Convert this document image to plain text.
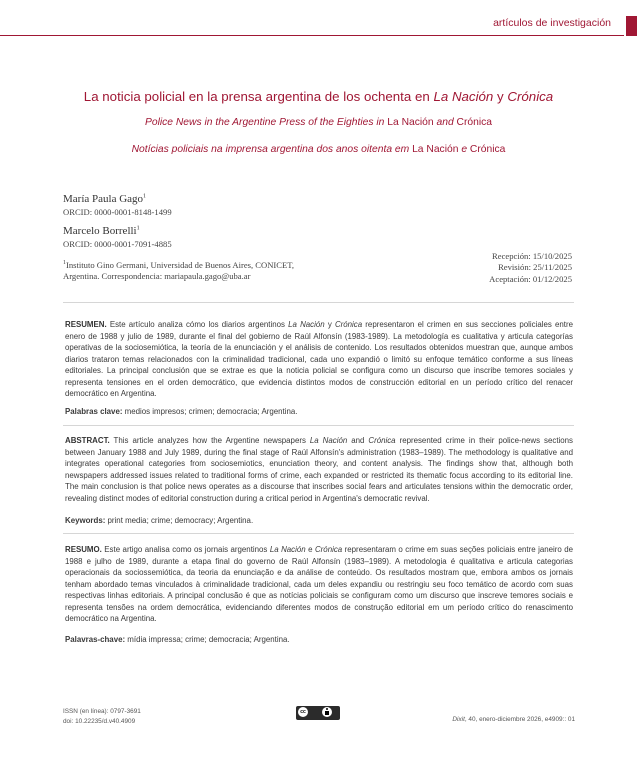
artículos de investigación
La noticia policial en la prensa argentina de los ochenta en La Nación y Crónica
Police News in the Argentine Press of the Eighties in La Nación and Crónica
Notícias policiais na imprensa argentina dos anos oitenta em La Nación e Crónica
María Paula Gago$^1$
ORCID: 0000-0001-8148-1499
Marcelo Borrelli$^1$
ORCID: 0000-0001-7091-4885
$^1$Instituto Gino Germani, Universidad de Buenos Aires, CONICET,
Argentina. Correspondencia: mariapaula.gago@uba.ar
Recepción: 15/10/2025
Revisión: 25/11/2025
Aceptación: 01/12/2025
RESUMEN. Este artículo analiza cómo los diarios argentinos La Nación y Crónica representaron el crimen en sus secciones policiales entre enero de 1988 y julio de 1989, durante el final del gobierno de Raúl Alfonsín (1983-1989). La metodología es cualitativa y articula categorías operativas de la sociosemiótica, la teoría de la enunciación y el análisis de contenido. Los resultados obtenidos muestran que, aunque ambos diarios trataron temas relacionados con la criminalidad tradicional, cada uno expandió o limitó su enfoque temático conforme a sus líneas editoriales. La principal conclusión que se extrae es que la noticia policial se configura como un discurso que inscribe temores sociales y representa tensiones en el orden democrático, que evidencia distintos modos de construcción editorial en un período crítico del renacer democrático en Argentina.
Palabras clave: medios impresos; crimen; democracia; Argentina.
ABSTRACT. This article analyzes how the Argentine newspapers La Nación and Crónica represented crime in their police-news sections between January 1988 and July 1989, during the final stage of Raúl Alfonsín's administration (1983–1989). The methodology is qualitative and integrates operational categories from sociosemiotics, enunciation theory, and content analysis. The findings show that, although both newspapers addressed issues related to traditional forms of crime, each expanded or restricted its thematic focus according to its editorial line. The main conclusion is that police news operates as a discourse that inscribes social fears and articulates tensions within the democratic order, revealing distinct modes of editorial construction during a critical period in Argentina's democratic revival.
Keywords: print media; crime; democracy; Argentina.
RESUMO. Este artigo analisa como os jornais argentinos La Nación e Crónica representaram o crime em suas seções policiais entre janeiro de 1988 e julho de 1989, durante a etapa final do governo de Raúl Alfonsín (1983–1989). A metodologia é qualitativa e articula categorias operacionais da sociossemiótica, da teoria da enunciação e da análise de conteúdo. Os resultados mostram que, embora ambos os jornais tenham abordado temas vinculados à criminalidade tradicional, cada um deles expandiu ou restringiu seu foco temático de acordo com suas respectivas linhas editoriais. A principal conclusão é que as notícias policiais se configuram como um discurso que inscreve temores sociais e representa tensões na ordem democrática, evidenciando diferentes modos de construção editorial em um período crítico do renascimento democrático na Argentina.
Palavras-chave: mídia impressa; crime; democracia; Argentina.
ISSN (en línea): 0797-3691
doi: 10.22235/d.v40.4909
cc
Dixit, 40, enero-diciembre 2026, e4909:: 01
